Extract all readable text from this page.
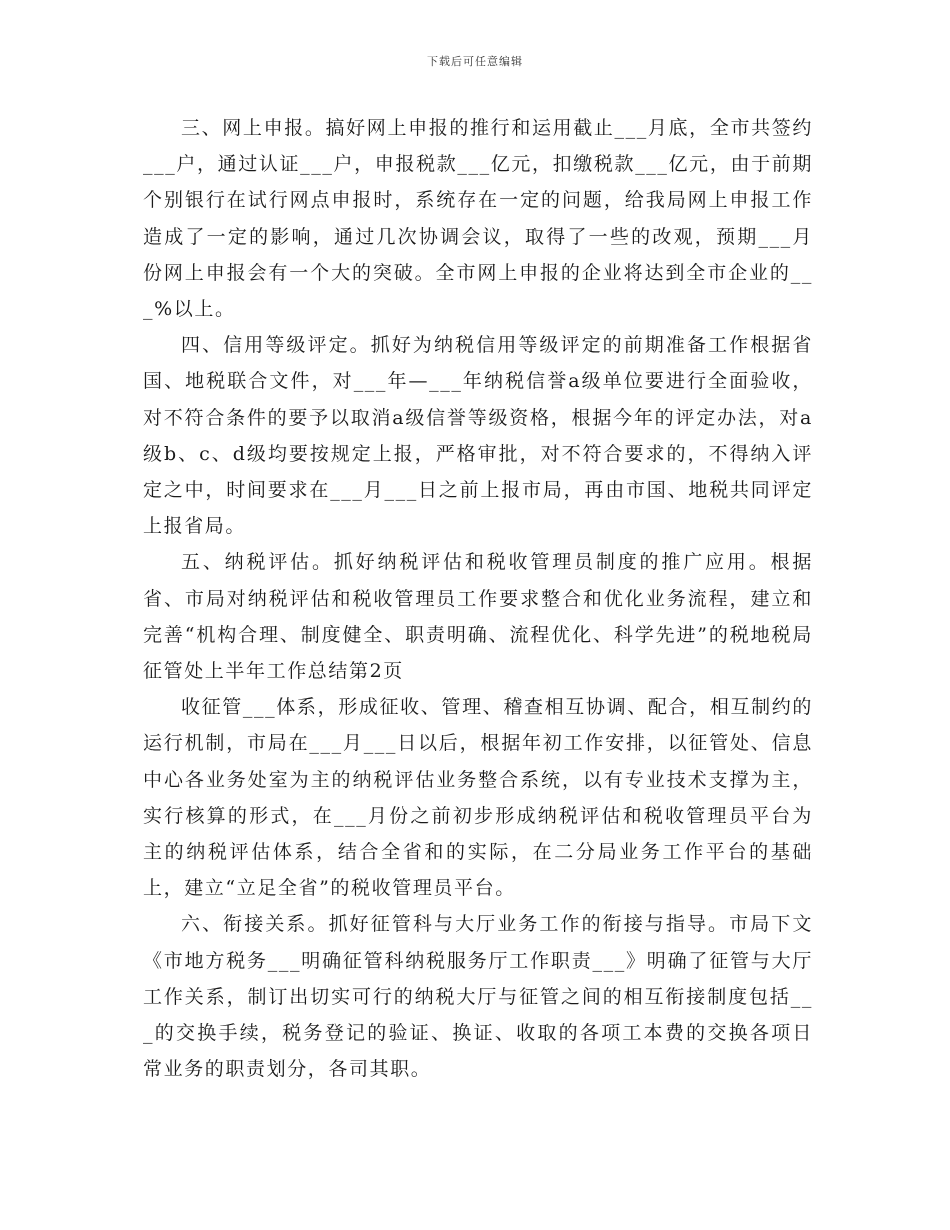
下载后可任意编辑

三、网上申报。搞好网上申报的推行和运用截止___月底，全市共签约___户，通过认证___户，申报税款___亿元，扣缴税款___亿元，由于前期个别银行在试行网点申报时，系统存在一定的问题，给我局网上申报工作造成了一定的影响，通过几次协调会议，取得了一些的改观，预期___月份网上申报会有一个大的突破。全市网上申报的企业将达到全市企业的___%以上。

四、信用等级评定。抓好为纳税信用等级评定的前期准备工作根据省国、地税联合文件，对___年—___年纳税信誉a级单位要进行全面验收，对不符合条件的要予以取消a级信誉等级资格，根据今年的评定办法，对a级b、c、d级均要按规定上报，严格审批，对不符合要求的，不得纳入评定之中，时间要求在___月___日之前上报市局，再由市国、地税共同评定上报省局。

五、纳税评估。抓好纳税评估和税收管理员制度的推广应用。根据省、市局对纳税评估和税收管理员工作要求整合和优化业务流程，建立和完善“机构合理、制度健全、职责明确、流程优化、科学先进”的税地税局征管处上半年工作总结第2页

收征管___体系，形成征收、管理、稽查相互协调、配合，相互制约的运行机制，市局在___月___日以后，根据年初工作安排，以征管处、信息中心各业务处室为主的纳税评估业务整合系统，以有专业技术支撑为主，实行核算的形式，在___月份之前初步形成纳税评估和税收管理员平台为主的纳税评估体系，结合全省和的实际，在二分局业务工作平台的基础上，建立“立足全省”的税收管理员平台。

六、衔接关系。抓好征管科与大厅业务工作的衔接与指导。市局下文《市地方税务___明确征管科纳税服务厅工作职责___》明确了征管与大厅工作关系，制订出切实可行的纳税大厅与征管之间的相互衔接制度包括___的交换手续，税务登记的验证、换证、收取的各项工本费的交换各项日常业务的职责划分，各司其职。
